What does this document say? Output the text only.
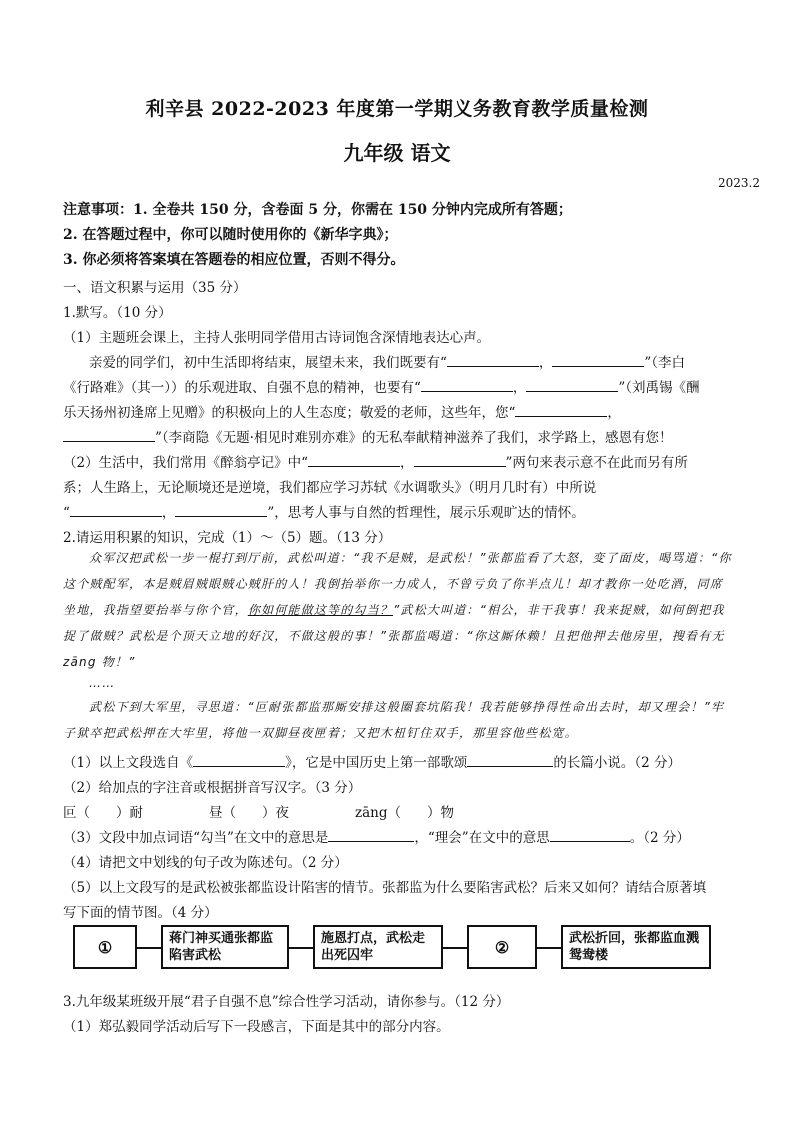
利辛县 2022-2023 年度第一学期义务教育教学质量检测
九年级 语文
2023.2
注意事项：1. 全卷共 150 分，含卷面 5 分，你需在 150 分钟内完成所有答题；
2. 在答题过程中，你可以随时使用你的《新华字典》；
3. 你必须将答案填在答题卷的相应位置，否则不得分。
一、语文积累与运用（35 分）
1.默写。（10 分）
（1）主题班会课上，主持人张明同学借用古诗词饱含深情地表达心声。
亲爱的同学们，初中生活即将结束，展望未来，我们既要有“	，	”（李白
《行路难》（其一））的乐观进取、自强不息的精神，也要有“	，	”（刘禹锡《酬
乐天扬州初逢席上见赠》的积极向上的人生态度；敬爱的老师，这些年，您“	，
”（李商隐《无题·相见时难别亦难》的无私奉献精神滋养了我们，求学路上，感恩有您！
（2）生活中，我们常用《醉翁亭记》中“	，	”两句来表示意不在此而另有所
系；人生路上，无论顺境还是逆境，我们都应学习苏轼《水调歌头》（明月几时有）中所说
“	，	”，思考人事与自然的哲理性，展示乐观旷达的情怀。
2.请运用积累的知识，完成（1）～（5）题。（13 分）
众军汉把武松一步一棍打到厅前，武松叫道：“我不是贼，是武松！”张都监看了大怒，变了面皮，喝骂道：“你这个贼配军，本是贼眉贼眼贼心贼肝的人！我倒抬举你一力成人，不曾亏负了你半点儿！却才教你一处吃酒，同席坐地，我指望要抬举与你个官，你如何能做这等的勾当？”武松大叫道：“相公，非干我事！我来捉贼，如何倒把我捉了做贼？武松是个顶天立地的好汉，不做这般的事！”张都监喝道：“你这厮休赖！且把他押去他房里，搜看有无 zāng 物！”
……
武松下到大军里，寻思道：“叵耐张都监那厮安排这般圈套坑陷我！我若能够挣得性命出去时，却又理会！”牢子狱卒把武松押在大牢里，将他一双脚昼夜匣着；又把木杻钉住双手，那里容他些松宽。
（1）以上文段选自《	》，它是中国历史上第一部歌颂	的长篇小说。（2 分）
（2）给加点的字注音或根据拼音写汉字。（3 分）
叵（ ）耐	昼（ ）夜	zāng（ ）物
（3）文段中加点词语“勾当”在文中的意思是	，“理会”在文中的意思	。（2 分）
（4）请把文中划线的句子改为陈述句。（2 分）
（5）以上文段写的是武松被张都监设计陷害的情节。张都监为什么要陷害武松？后来又如何？请结合原著填
写下面的情节图。（4 分）
①	蒋门神买通张都监陷害武松
施恩打点，武松走出死囚牢	②	武松折回，张都监血溅鸳鸯楼
3.九年级某班级开展“君子自强不息”综合性学习活动，请你参与。（12 分）
（1）郑弘毅同学活动后写下一段感言，下面是其中的部分内容。
